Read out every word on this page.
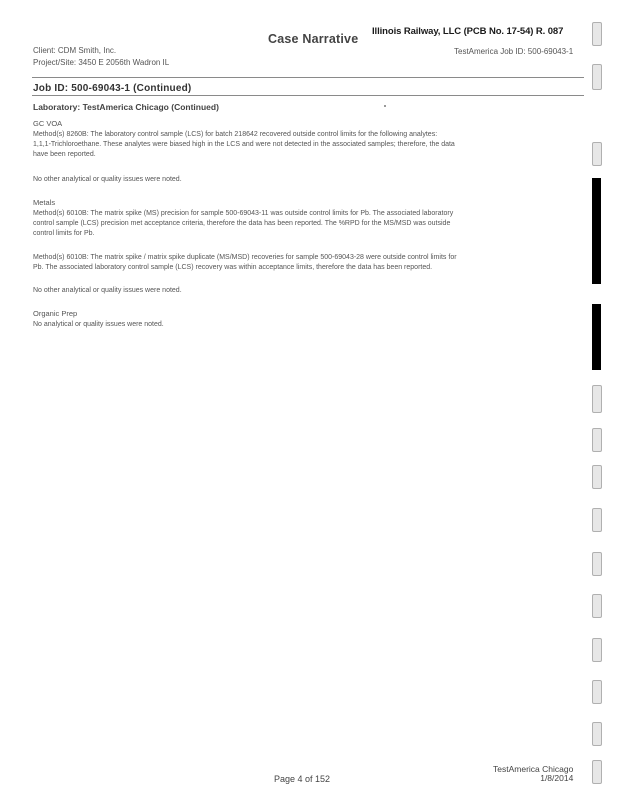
Illinois Railway, LLC (PCB No. 17-54) R. 087
Case Narrative
Client: CDM Smith, Inc.
Project/Site: 3450 E 2056th Wadron IL
TestAmerica Job ID: 500-69043-1
Job ID: 500-69043-1 (Continued)
Laboratory: TestAmerica Chicago (Continued)
GC VOA
Method(s) 8260B: The laboratory control sample (LCS) for batch 218642 recovered outside control limits for the following analytes:
1,1,1-Trichloroethane. These analytes were biased high in the LCS and were not detected in the associated samples; therefore, the data
have been reported.
No other analytical or quality issues were noted.
Metals
Method(s) 6010B: The matrix spike (MS) precision for sample 500-69043-11 was outside control limits for Pb. The associated laboratory
control sample (LCS) precision met acceptance criteria, therefore the data has been reported. The %RPD for the MS/MSD was outside
control limits for Pb.
Method(s) 6010B: The matrix spike / matrix spike duplicate (MS/MSD) recoveries for sample 500-69043-28 were outside control limits for
Pb. The associated laboratory control sample (LCS) recovery was within acceptance limits, therefore the data has been reported.
No other analytical or quality issues were noted.
Organic Prep
No analytical or quality issues were noted.
Page 4 of 152
TestAmerica Chicago
1/8/2014
